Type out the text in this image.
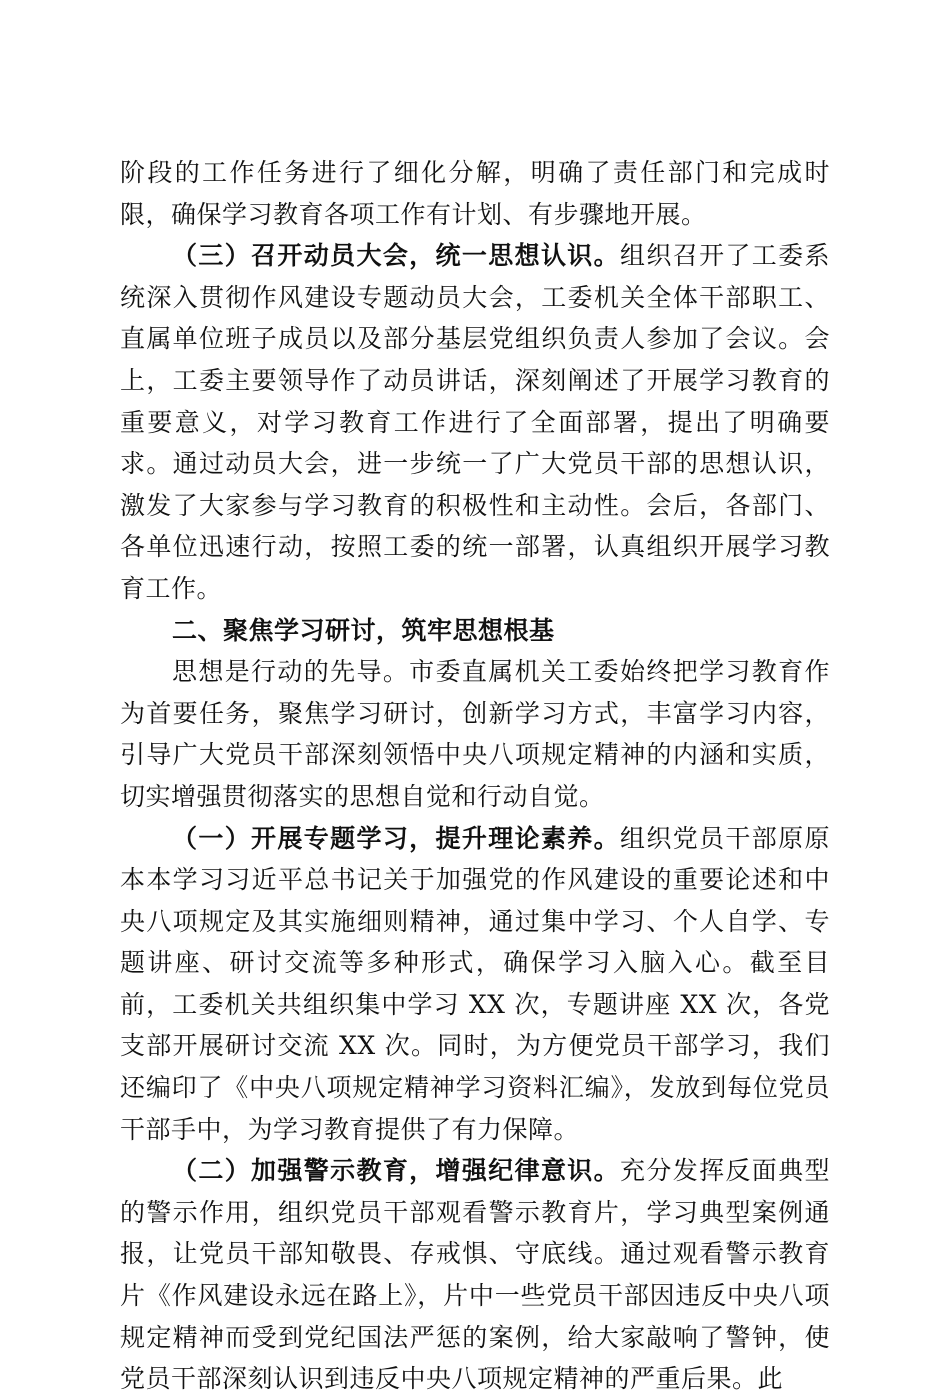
阶段的工作任务进行了细化分解，明确了责任部门和完成时限，确保学习教育各项工作有计划、有步骤地开展。

（三）召开动员大会，统一思想认识。组织召开了工委系统深入贯彻作风建设专题动员大会，工委机关全体干部职工、直属单位班子成员以及部分基层党组织负责人参加了会议。会上，工委主要领导作了动员讲话，深刻阐述了开展学习教育的重要意义，对学习教育工作进行了全面部署，提出了明确要求。通过动员大会，进一步统一了广大党员干部的思想认识，激发了大家参与学习教育的积极性和主动性。会后，各部门、各单位迅速行动，按照工委的统一部署，认真组织开展学习教育工作。

二、聚焦学习研讨，筑牢思想根基

思想是行动的先导。市委直属机关工委始终把学习教育作为首要任务，聚焦学习研讨，创新学习方式，丰富学习内容，引导广大党员干部深刻领悟中央八项规定精神的内涵和实质，切实增强贯彻落实的思想自觉和行动自觉。

（一）开展专题学习，提升理论素养。组织党员干部原原本本学习习近平总书记关于加强党的作风建设的重要论述和中央八项规定及其实施细则精神，通过集中学习、个人自学、专题讲座、研讨交流等多种形式，确保学习入脑入心。截至目前，工委机关共组织集中学习 XX 次，专题讲座 XX 次，各党支部开展研讨交流 XX 次。同时，为方便党员干部学习，我们还编印了《中央八项规定精神学习资料汇编》，发放到每位党员干部手中，为学习教育提供了有力保障。

（二）加强警示教育，增强纪律意识。充分发挥反面典型的警示作用，组织党员干部观看警示教育片，学习典型案例通报，让党员干部知敬畏、存戒惧、守底线。通过观看警示教育片《作风建设永远在路上》，片中一些党员干部因违反中央八项规定精神而受到党纪国法严惩的案例，给大家敲响了警钟，使党员干部深刻认识到违反中央八项规定精神的严重后果。此
